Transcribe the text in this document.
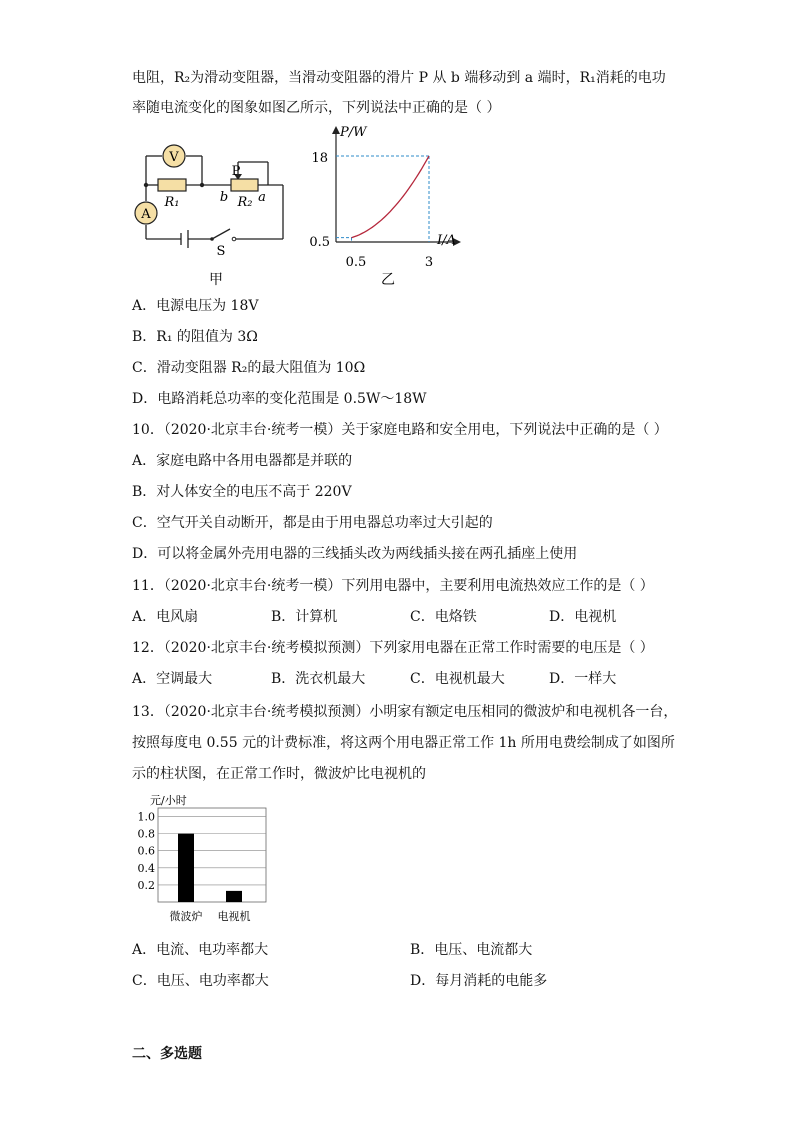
电阻，R₂为滑动变阻器，当滑动变阻器的滑片 P 从 b 端移动到 a 端时，R₁消耗的电功
率随电流变化的图象如图乙所示，下列说法中正确的是（ ）
V
A
R₁	R₂
P
b a
S
甲
P/W
I/A
18
0.5
0.5	3
乙
A．电源电压为 18V
B．R₁ 的阻值为 3Ω
C．滑动变阻器 R₂的最大阻值为 10Ω
D．电路消耗总功率的变化范围是 0.5W～18W
10．（2020·北京丰台·统考一模）关于家庭电路和安全用电，下列说法中正确的是（ ）
A．家庭电路中各用电器都是并联的
B．对人体安全的电压不高于 220V
C．空气开关自动断开，都是由于用电器总功率过大引起的
D．可以将金属外壳用电器的三线插头改为两线插头接在两孔插座上使用
11．（2020·北京丰台·统考一模）下列用电器中，主要利用电流热效应工作的是（ ）
A．电风扇	B．计算机	C．电烙铁	D．电视机
12．（2020·北京丰台·统考模拟预测）下列家用电器在正常工作时需要的电压是（ ）
A．空调最大	B．洗衣机最大	C．电视机最大	D．一样大
13．（2020·北京丰台·统考模拟预测）小明家有额定电压相同的微波炉和电视机各一台，
按照每度电 0.55 元的计费标准，将这两个用电器正常工作 1h 所用电费绘制成了如图所
示的柱状图，在正常工作时，微波炉比电视机的
1.0
0.8
0.6
0.4
0.2
微波炉 电视机
元/小时
A．电流、电功率都大	B．电压、电流都大
C．电压、电功率都大	D．每月消耗的电能多
二、多选题
